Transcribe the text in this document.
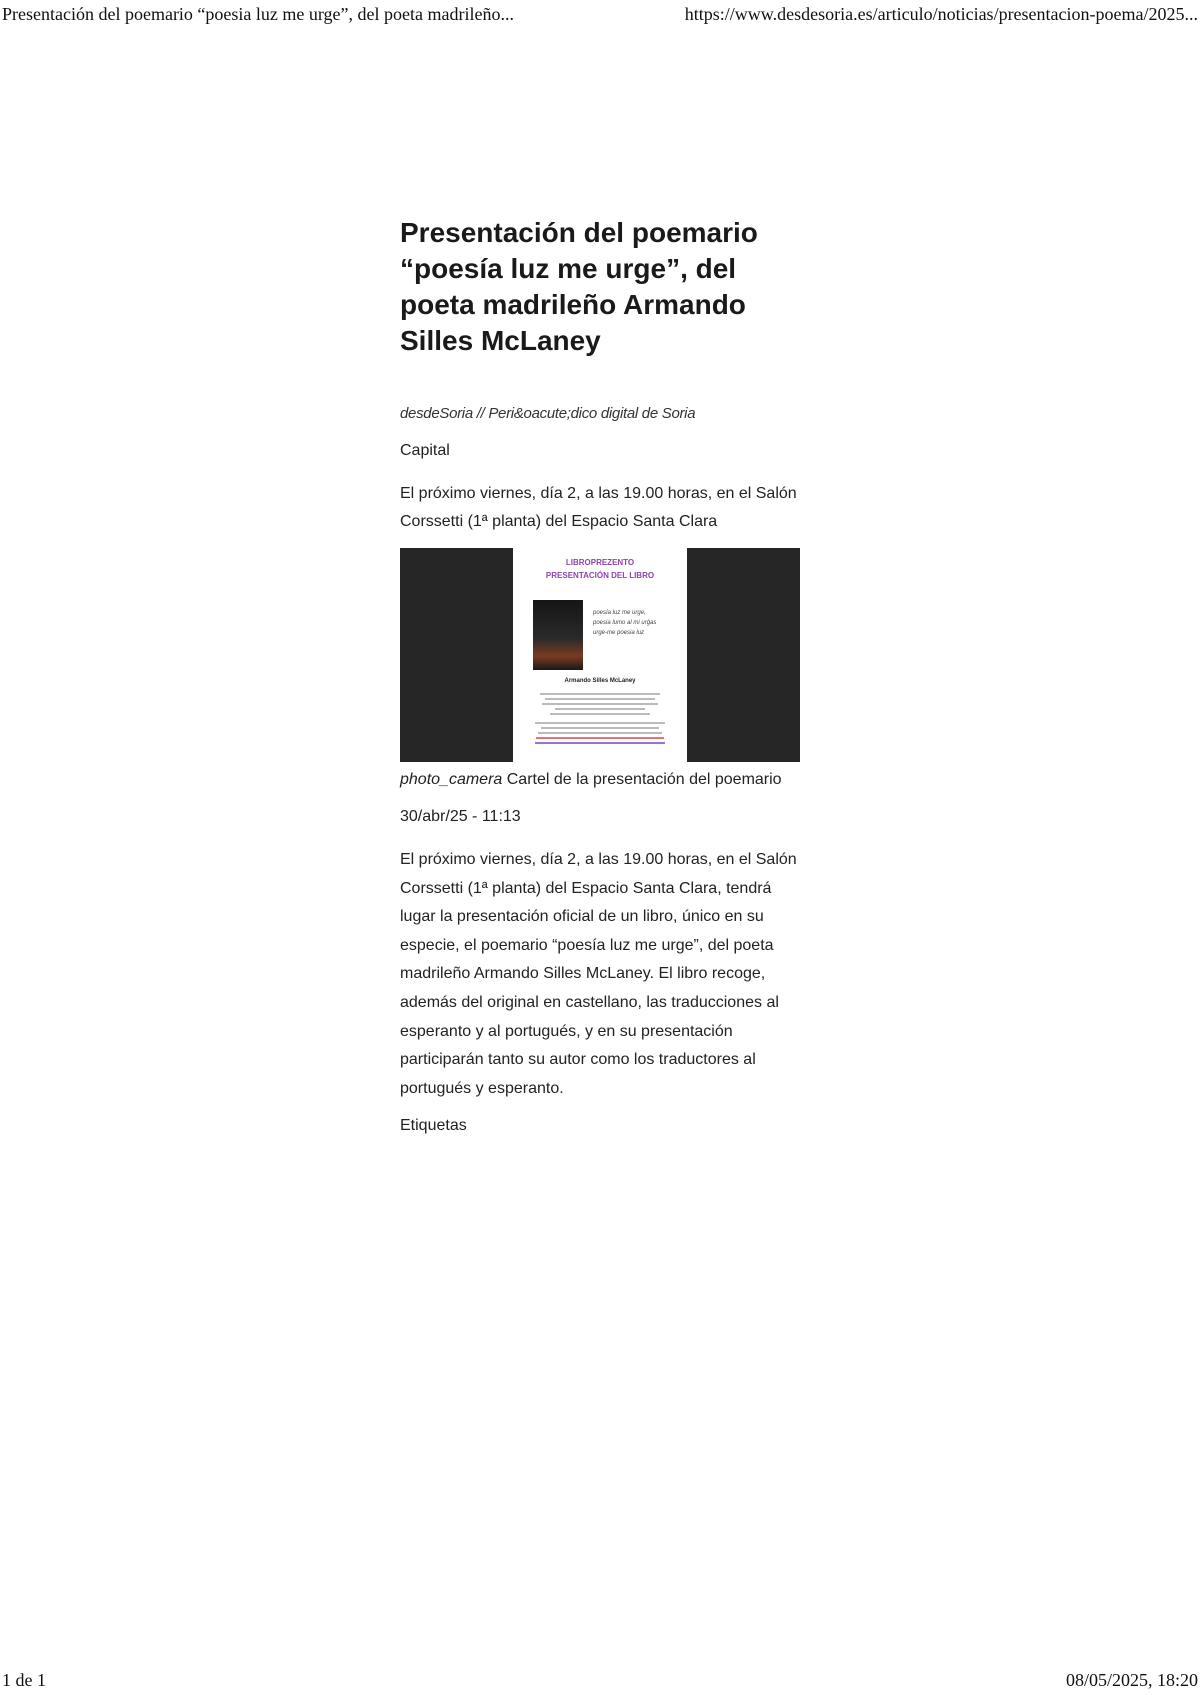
Presentación del poemario “poesia luz me urge”, del poeta madrileño...	https://www.desdesoria.es/articulo/noticias/presentacion-poema/2025...
Presentación del poemario “poesía luz me urge”, del poeta madrileño Armando Silles McLaney
desdeSoria // Peri&oacute;dico digital de Soria
Capital
El próximo viernes, día 2, a las 19.00 horas, en el Salón Corssetti (1ª planta) del Espacio Santa Clara
LIBROPREZENTO
PRESENTACIÓN DEL LIBRO
poesía luz me urge,
poesia lumo al mi urĝas
urge-me poesia luz
Armando Silles McLaney
photo_camera Cartel de la presentación del poemario
30/abr/25 - 11:13
El próximo viernes, día 2, a las 19.00 horas, en el Salón Corssetti (1ª planta) del Espacio Santa Clara, tendrá lugar la presentación oficial de un libro, único en su especie, el poemario “poesía luz me urge”, del poeta madrileño Armando Silles McLaney. El libro recoge, además del original en castellano, las traducciones al esperanto y al portugués, y en su presentación participarán tanto su autor como los traductores al portugués y esperanto.
Etiquetas
1 de 1	08/05/2025, 18:20
